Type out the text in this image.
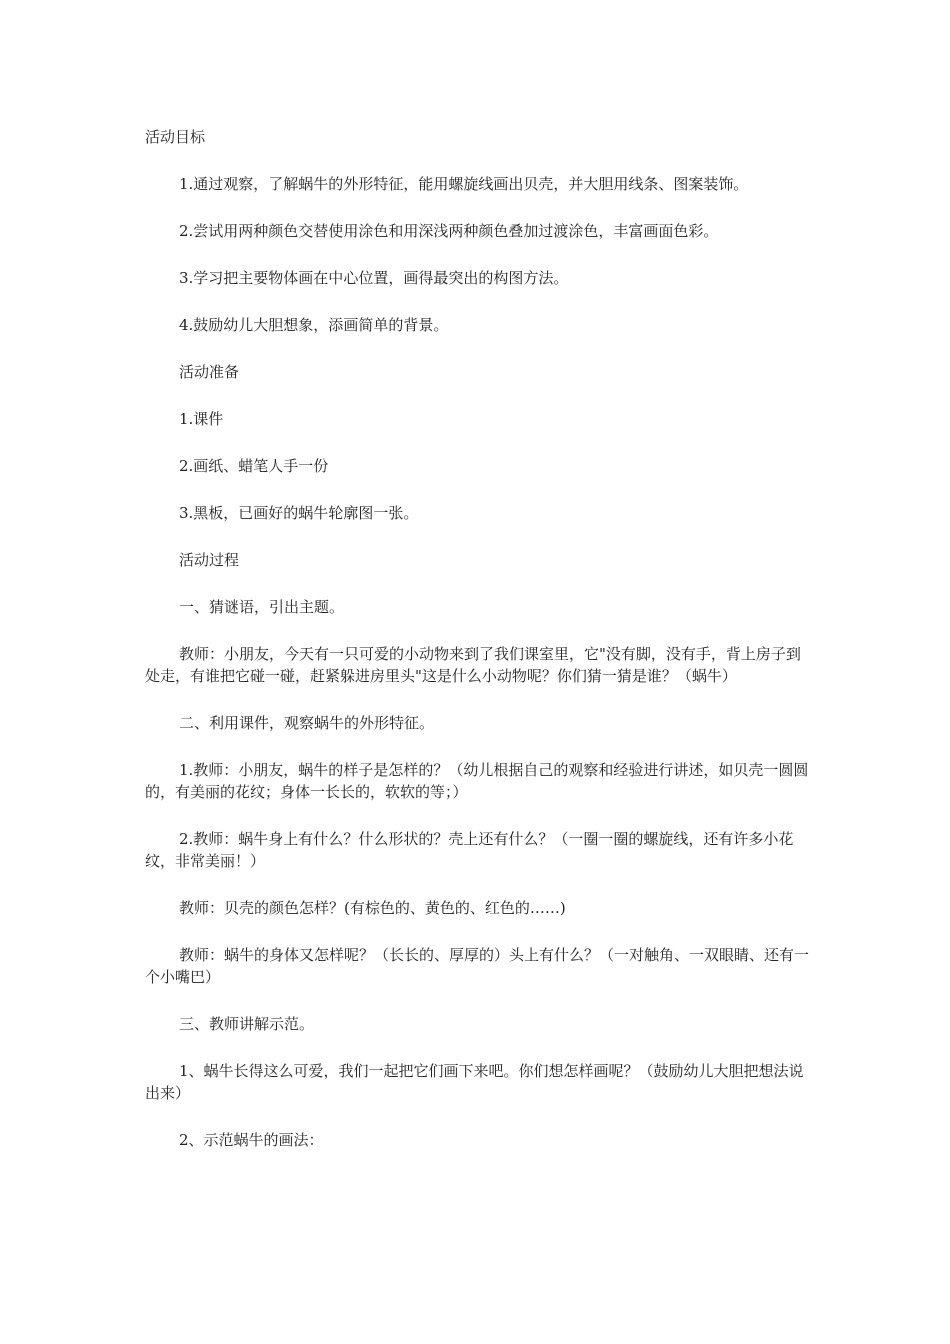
活动目标

1.通过观察，了解蜗牛的外形特征，能用螺旋线画出贝壳，并大胆用线条、图案装饰。

2.尝试用两种颜色交替使用涂色和用深浅两种颜色叠加过渡涂色，丰富画面色彩。

3.学习把主要物体画在中心位置，画得最突出的构图方法。

4.鼓励幼儿大胆想象，添画简单的背景。

活动准备

1.课件

2.画纸、蜡笔人手一份

3.黑板，已画好的蜗牛轮廓图一张。

活动过程

一、猜谜语，引出主题。

教师：小朋友，今天有一只可爱的小动物来到了我们课室里，它"没有脚，没有手，背上房子到处走，有谁把它碰一碰，赶紧躲进房里头"这是什么小动物呢？你们猜一猜是谁？（蜗牛）

二、利用课件，观察蜗牛的外形特征。

1.教师：小朋友，蜗牛的样子是怎样的？（幼儿根据自己的观察和经验进行讲述，如贝壳一圆圆的，有美丽的花纹；身体一长长的，软软的等；）

2.教师：蜗牛身上有什么？什么形状的？壳上还有什么？（一圈一圈的螺旋线，还有许多小花纹，非常美丽！）

教师：贝壳的颜色怎样？(有棕色的、黄色的、红色的……)

教师：蜗牛的身体又怎样呢？（长长的、厚厚的）头上有什么？（一对触角、一双眼睛、还有一个小嘴巴）

三、教师讲解示范。

1、蜗牛长得这么可爱，我们一起把它们画下来吧。你们想怎样画呢？（鼓励幼儿大胆把想法说出来）

2、示范蜗牛的画法：
